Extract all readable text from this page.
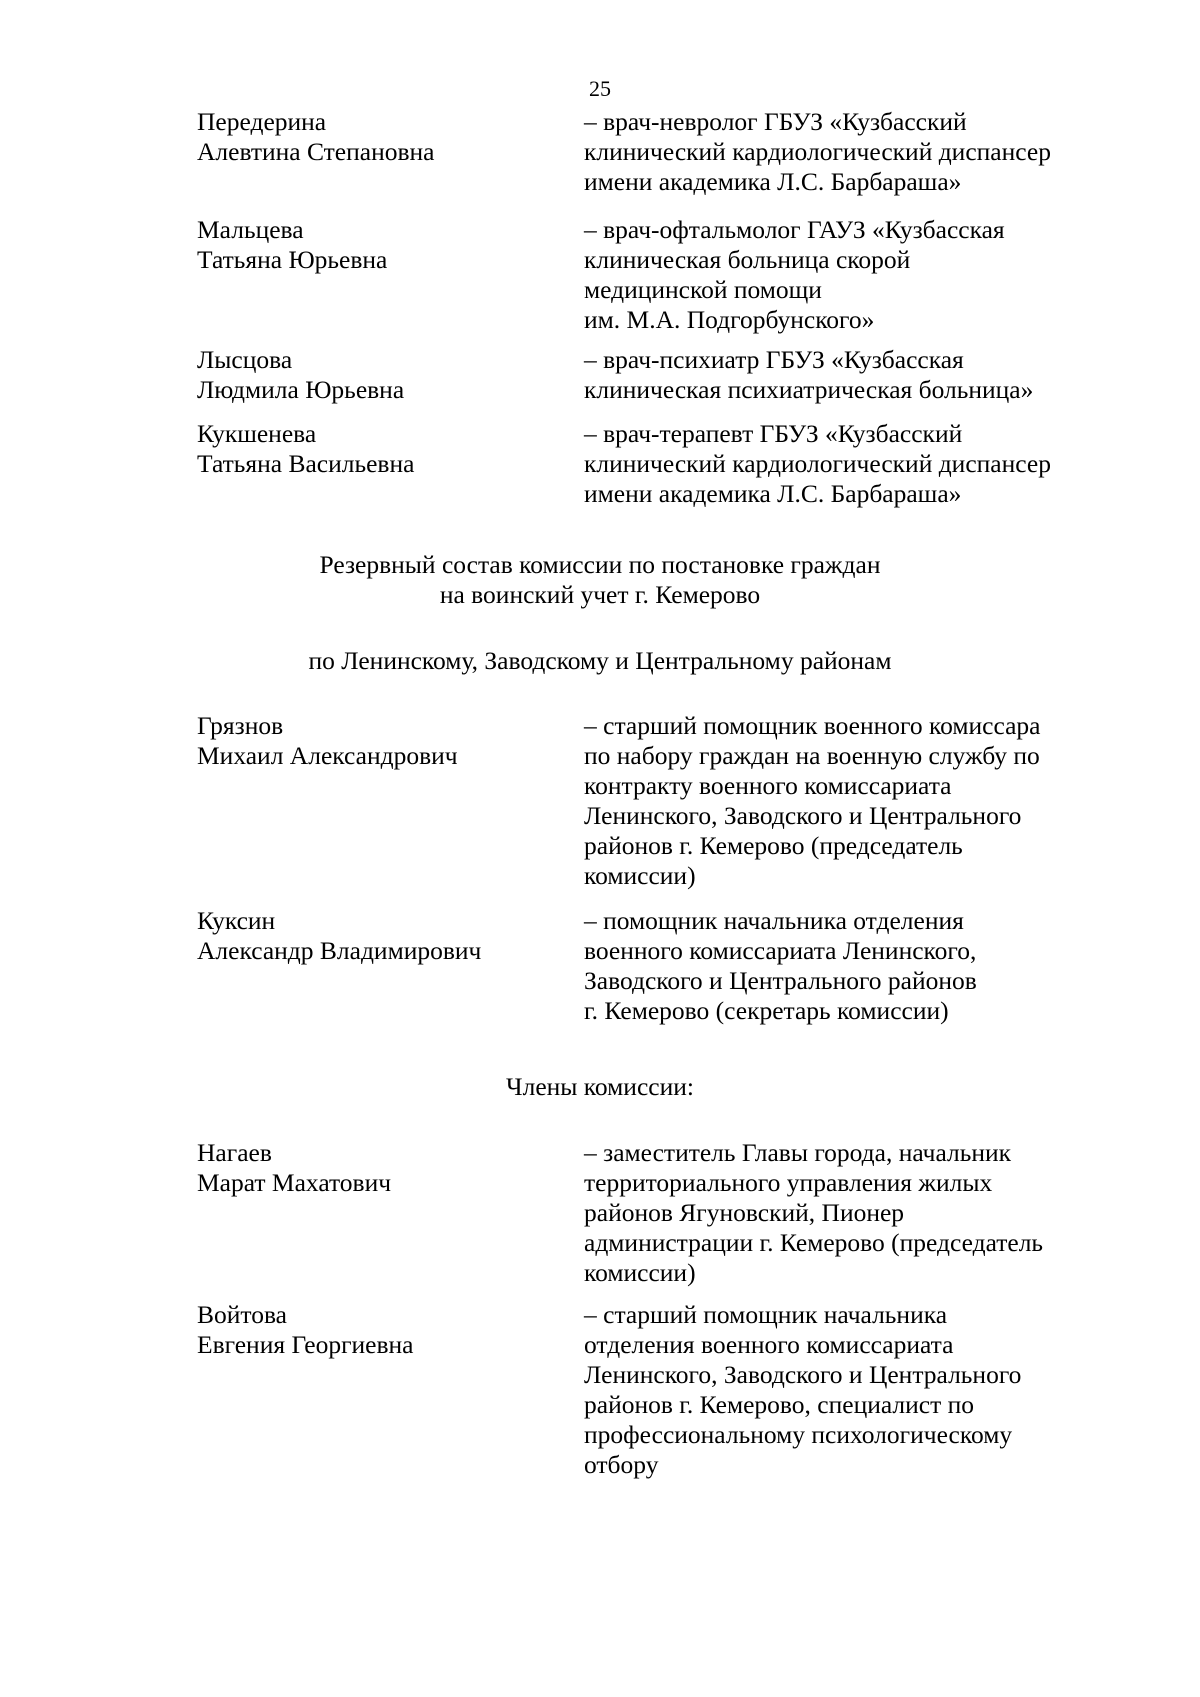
25
Передерина
Алевтина Степановна
– врач-невролог ГБУЗ «Кузбасский
клинический кардиологический диспансер
имени академика Л.С. Барбараша»
Мальцева
Татьяна Юрьевна
– врач-офтальмолог ГАУЗ «Кузбасская
клиническая больница скорой
медицинской помощи
им. М.А. Подгорбунского»
Лысцова
Людмила Юрьевна
– врач-психиатр ГБУЗ «Кузбасская
клиническая психиатрическая больница»
Кукшенева
Татьяна Васильевна
– врач-терапевт ГБУЗ «Кузбасский
клинический кардиологический диспансер
имени академика Л.С. Барбараша»
Резервный состав комиссии по постановке граждан
на воинский учет г. Кемерово
по Ленинскому, Заводскому и Центральному районам
Грязнов
Михаил Александрович
– старший помощник военного комиссара
по набору граждан на военную службу по
контракту военного комиссариата
Ленинского, Заводского и Центрального
районов г. Кемерово (председатель
комиссии)
Куксин
Александр Владимирович
– помощник начальника отделения
военного комиссариата Ленинского,
Заводского и Центрального районов
г. Кемерово (секретарь комиссии)
Члены комиссии:
Нагаев
Марат Махатович
– заместитель Главы города, начальник
территориального управления жилых
районов Ягуновский, Пионер
администрации г. Кемерово (председатель
комиссии)
Войтова
Евгения Георгиевна
– старший помощник начальника
отделения военного комиссариата
Ленинского, Заводского и Центрального
районов г. Кемерово, специалист по
профессиональному психологическому
отбору
